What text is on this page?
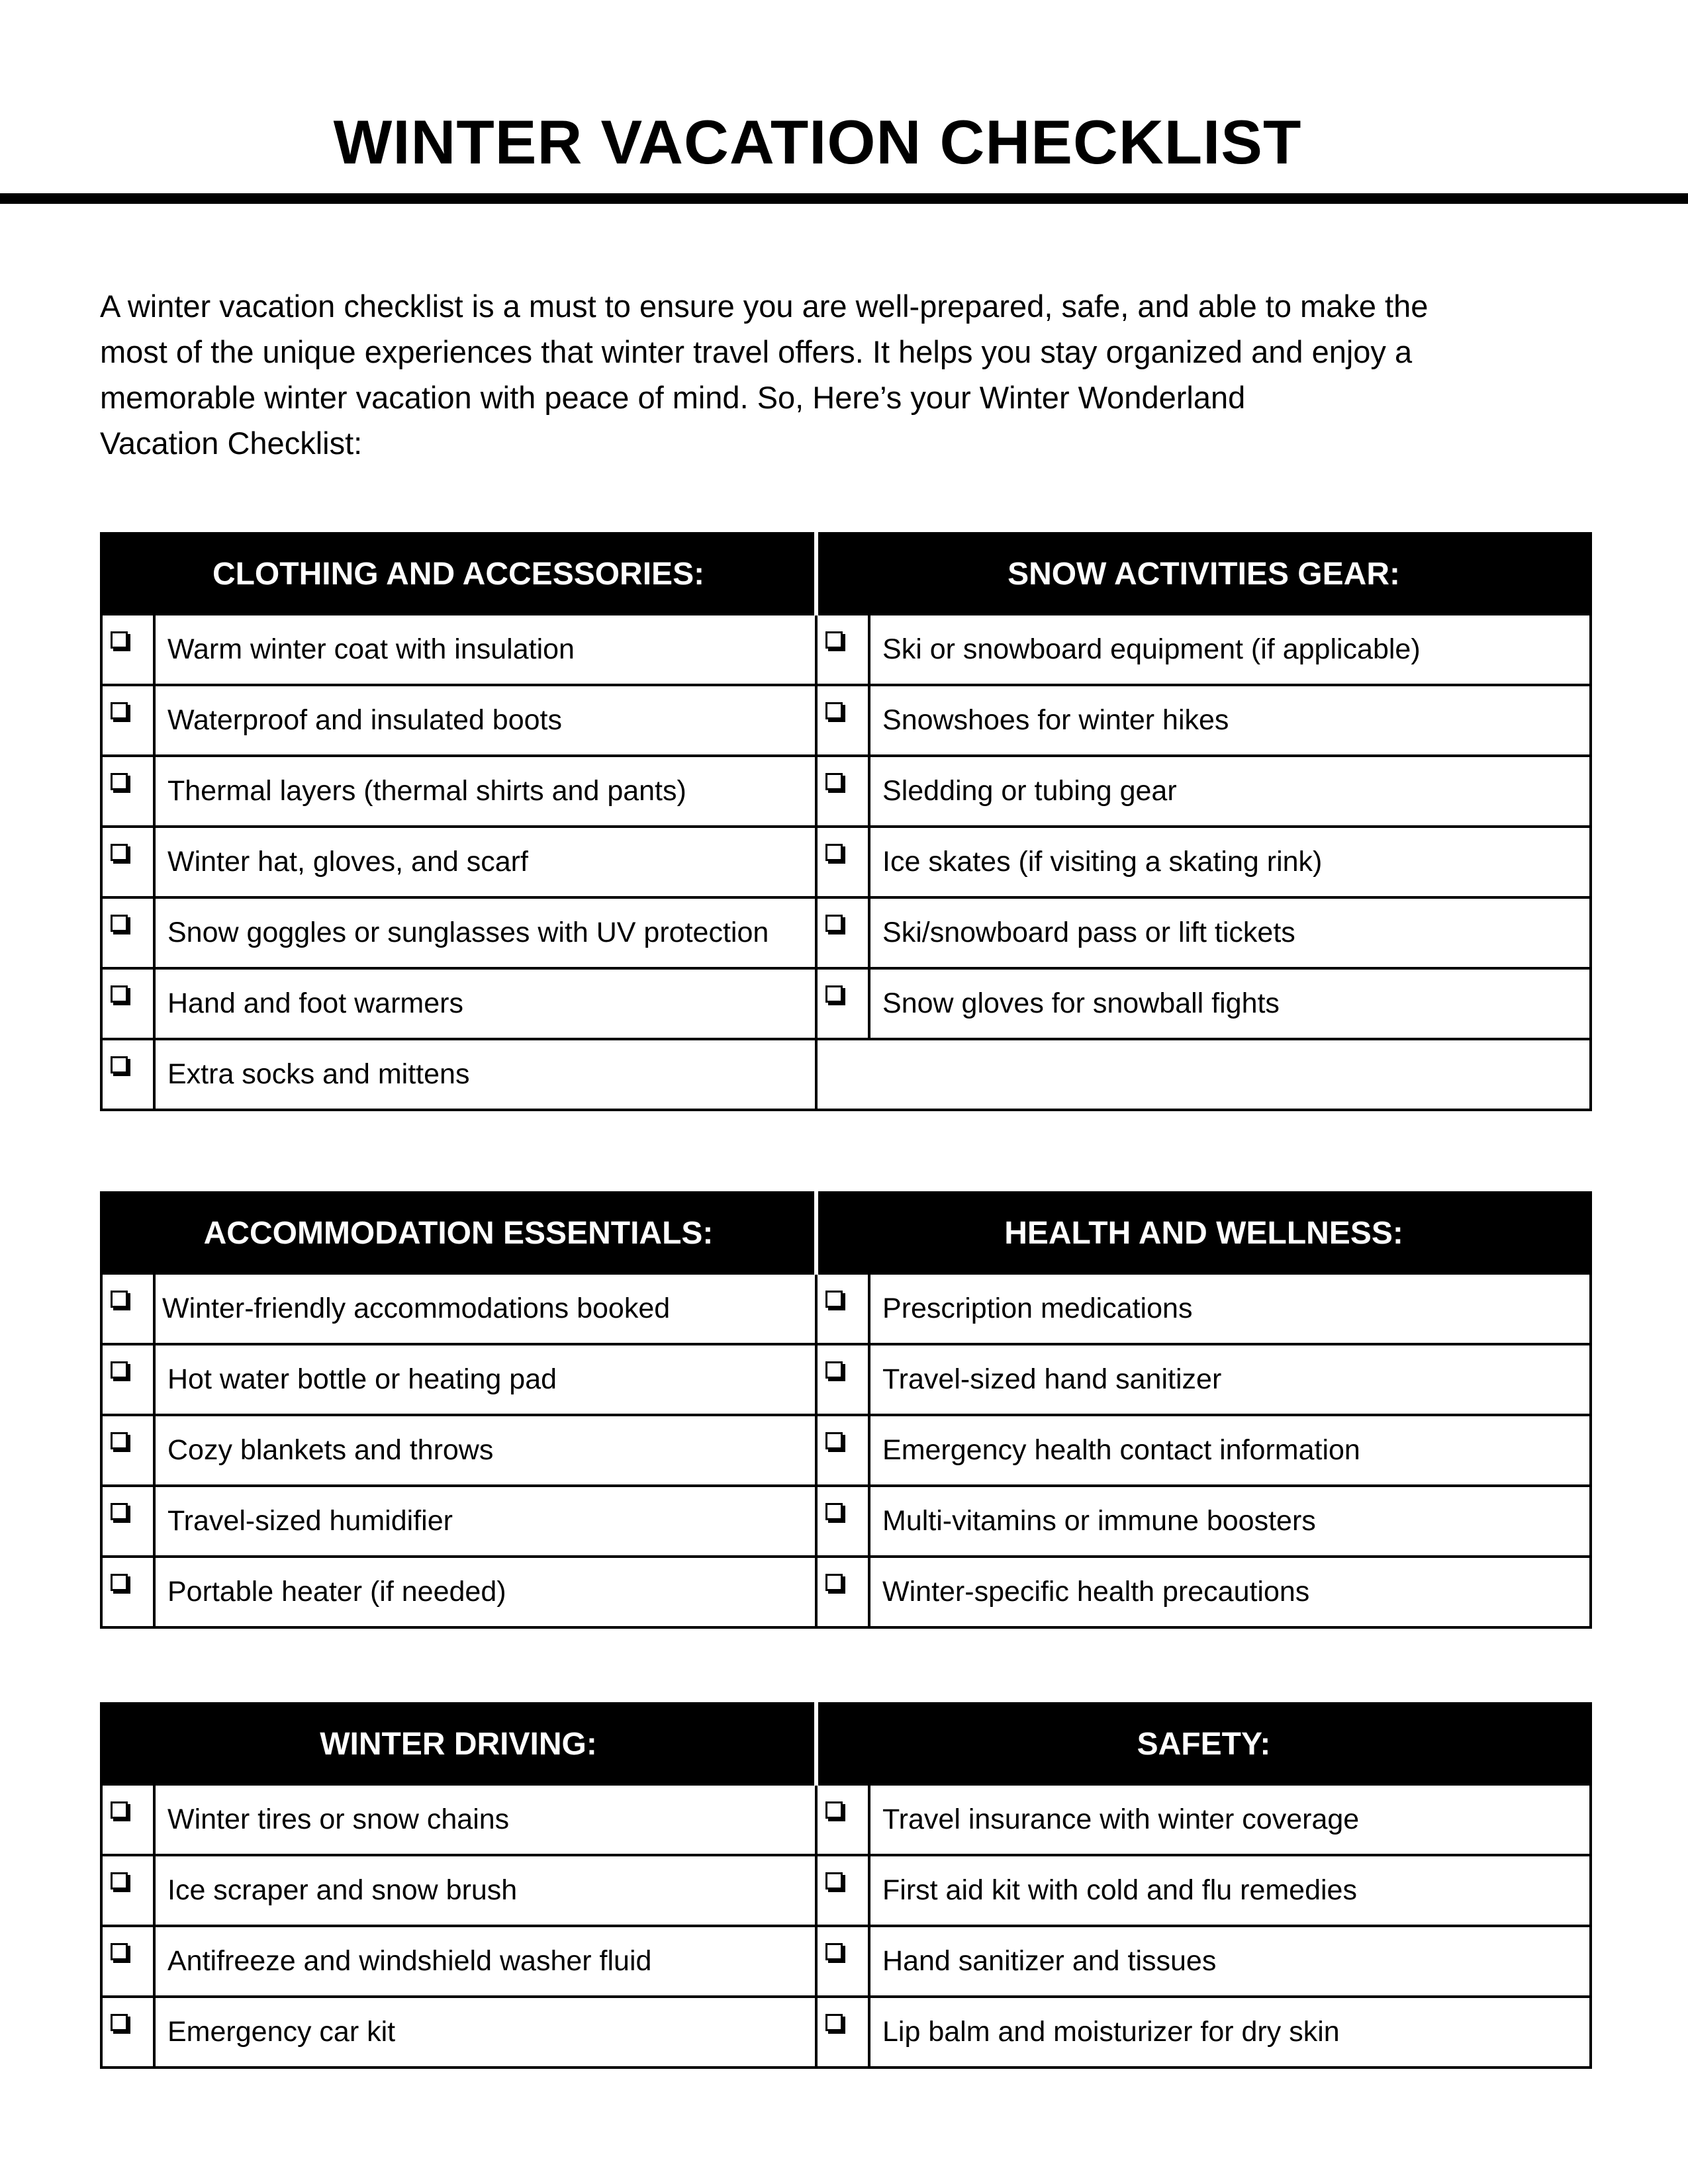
WINTER VACATION CHECKLIST

A winter vacation checklist is a must to ensure you are well-prepared, safe, and able to make the
most of the unique experiences that winter travel offers. It helps you stay organized and enjoy a
memorable winter vacation with peace of mind. So, Here’s your Winter Wonderland
Vacation Checklist:

CLOTHING AND ACCESSORIES:		SNOW ACTIVITIES GEAR:	
	Warm winter coat with insulation		Ski or snowboard equipment (if applicable)
	Waterproof and insulated boots		Snowshoes for winter hikes
	Thermal layers (thermal shirts and pants)		Sledding or tubing gear
	Winter hat, gloves, and scarf		Ice skates (if visiting a skating rink)
	Snow goggles or sunglasses with UV protection		Ski/snowboard pass or lift tickets
	Hand and foot warmers		Snow gloves for snowball fights
	Extra socks and mittens		
ACCOMMODATION ESSENTIALS:		HEALTH AND WELLNESS:	
	Winter-friendly accommodations booked		Prescription medications
	Hot water bottle or heating pad		Travel-sized hand sanitizer
	Cozy blankets and throws		Emergency health contact information
	Travel-sized humidifier		Multi-vitamins or immune boosters
	Portable heater (if needed)		Winter-specific health precautions
WINTER DRIVING:		SAFETY:	
	Winter tires or snow chains		Travel insurance with winter coverage
	Ice scraper and snow brush		First aid kit with cold and flu remedies
	Antifreeze and windshield washer fluid		Hand sanitizer and tissues
	Emergency car kit		Lip balm and moisturizer for dry skin
